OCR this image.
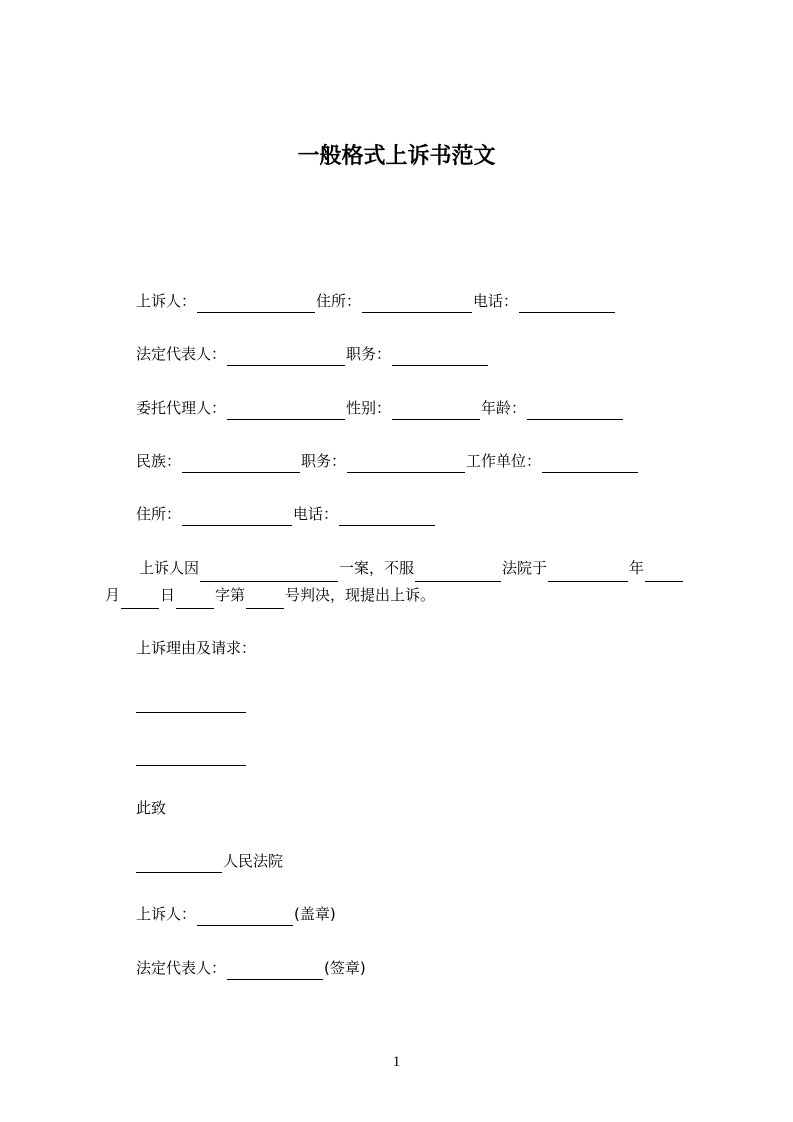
一般格式上诉书范文
上诉人：	住所：	电话：
法定代表人：	职务：
委托代理人：	性别：	年龄：
民族：	职务：	工作单位：
住所：	电话：
上诉人因	一案，不服	法院于	年
月	日	字第	号判决，现提出上诉。
上诉理由及请求：
此致
人民法院
上诉人：	(盖章)
法定代表人：	(签章)
1
